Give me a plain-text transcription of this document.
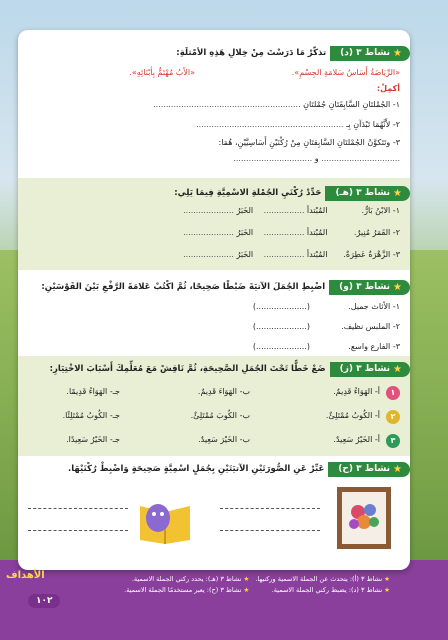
★
نشاط ٣ (د)
تذكّرْ مَا دَرَسْتَ مِنْ خِلالِ هَذِهِ الأمْثلَةِ:
«الرِّيَاضَةُ أَسَاسُ سَلامَةِ الجِسْمِ».
«الأبُ مُهْتَمٌّ بِأبْنَائِهِ».
أكمِلْ:
١- الجُمْلتَانِ السَّابِقَتَانِ جُمْلتَانِ ..........................................................
٢- لأَنَّهُمَا تَبْدَآنِ بِـ ..........................................................
٣- وتَتَكوَّنُ الجُمْلتَانِ السَّابِقتَانِ مِنْ رُكْنَيْنِ أَسَاسِيَّيْنِ، هُمَا:
............................... و ...............................
★
نشاط ٣ (هـ)
حَدِّدْ رُكْنَيِ الجُمْلةِ الاسْمِيَّةِ فِيمَا يَلِي:
١- الابْنُ بَارٌّ. المُبْتدأ ................ الخَبَرُ ....................
٢- القَمَرُ مُنِيرٌ. المُبْتدأ ................ الخَبَرُ ....................
٣- الزَّهْرَةُ عَطِرَةٌ. المُبْتدأ ................ الخَبَرُ ....................
★
نشاط ٣ (و)
اضْبِطِ الجُمَلَ الآتيَةَ ضَبْطًا صَحِيحًا، ثُمَّ اكْتُبْ عَلامَةَ الرَّفْعِ بَيْنَ القَوْسَيْنِ:
١- الأثاث جميل.(....................)
٢- الملبس نظيف.(....................)
٣- الفارع واسع.(....................)
★
نشاط ٣ (ز)
ضَعْ خَطًّا تَحْتَ الجُمَلِ الصَّحِيحَةِ، ثُمَّ نَاقِشْ مَعَ مُعَلِّمِكَ أَسْبَابَ الاخْتِيَارِ:
١
أ- الهَوَاءُ قَدِيمٌ.
ب- الهَوَاءَ قَدِيمٌ.
جـ- الهَوَاءُ قَدِيمًا.
٢
أ- الكُوبُ مُمْتَلِئٌ.
ب- الكُوبَ مُمْتَلِئٌ.
جـ- الكُوبُ مُمْتَلِئًا.
٣
أ- الخَيْرُ سَعِيدٌ.
ب- الخَيْرَ سَعِيدٌ.
جـ- الخَيْرُ سَعِيدًا.
★
نشاط ٣ (ح)
عَبِّرْ عَنِ الصُّورَتَيْنِ الآتيَتَيْنِ بِجُمَلٍ اسْمِيَّةٍ صَحِيحَةٍ وَاضْبِطْ رُكْنَيْهَا.
★
نشاط ٣ (أ): يتحدث عن الجملة الاسمية وركنيها.
★
نشاط ٣ (د): يضبط ركني الجملة الاسمية.
★
نشاط ٣ (هـ): يحدد ركني الجملة الاسمية.
★
نشاط ٣ (ح): يعبر مستخدمًا الجملة الاسمية.
الأهداف
١٠٢
